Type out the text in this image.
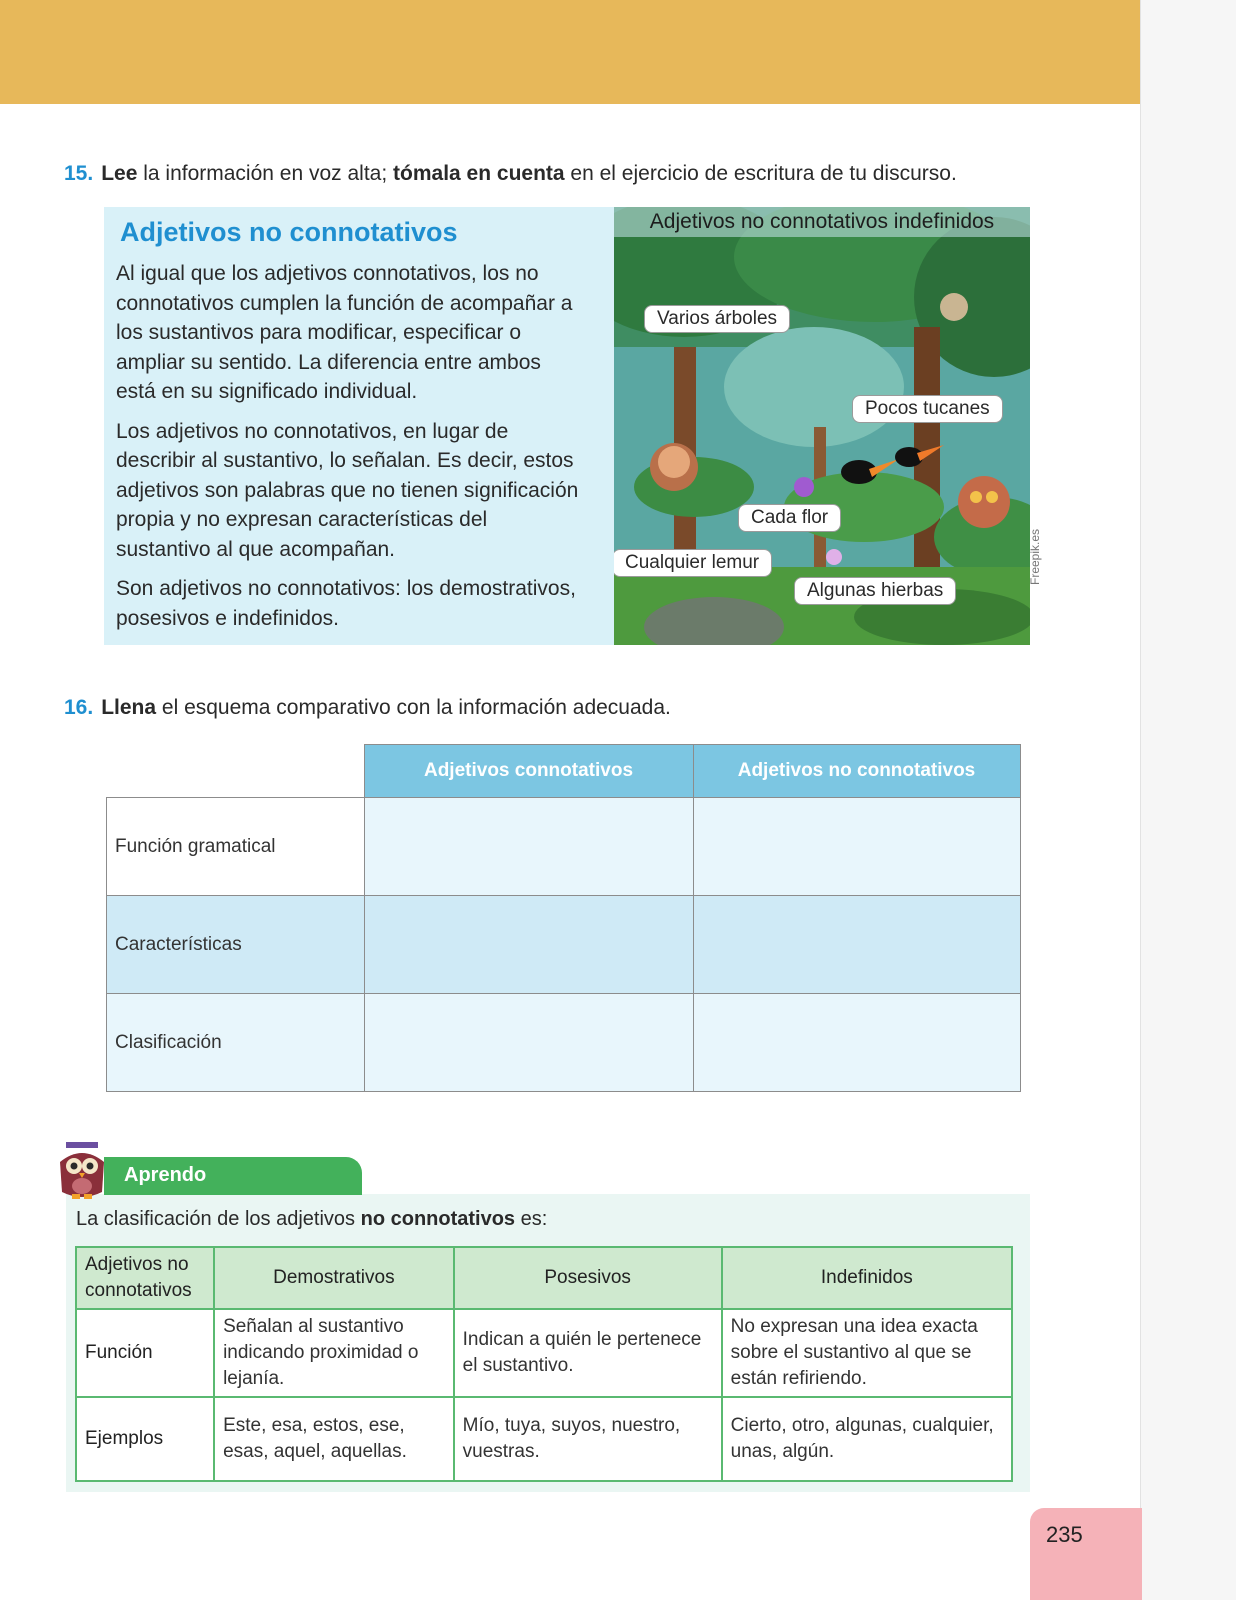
15. Lee la información en voz alta; tómala en cuenta en el ejercicio de escritura de tu discurso.
Adjetivos no connotativos

Al igual que los adjetivos connotativos, los no connotativos cumplen la función de acompañar a los sustantivos para modificar, especificar o ampliar su sentido. La diferencia entre ambos está en su significado individual.

Los adjetivos no connotativos, en lugar de describir al sustantivo, lo señalan. Es decir, estos adjetivos son palabras que no tienen significación propia y no expresan características del sustantivo al que acompañan.

Son adjetivos no connotativos: los demostrativos, posesivos e indefinidos.

Adjetivos no connotativos indefinidos
Varios árboles
Pocos tucanes
Cada flor
Cualquier lemur
Algunas hierbas
Freepik.es
16. Llena el esquema comparativo con la información adecuada.
	Adjetivos connotativos	Adjetivos no connotativos
Función gramatical		
Características		
Clasificación		
Aprendo
La clasificación de los adjetivos no connotativos es:
Adjetivos no connotativos	Demostrativos	Posesivos	Indefinidos
Función	Señalan al sustantivo indicando proximidad o lejanía.	Indican a quién le pertenece el sustantivo.	No expresan una idea exacta sobre el sustantivo al que se están refiriendo.
Ejemplos	Este, esa, estos, ese, esas, aquel, aquellas.	Mío, tuya, suyos, nuestro, vuestras.	Cierto, otro, algunas, cualquier, unas, algún.
235
